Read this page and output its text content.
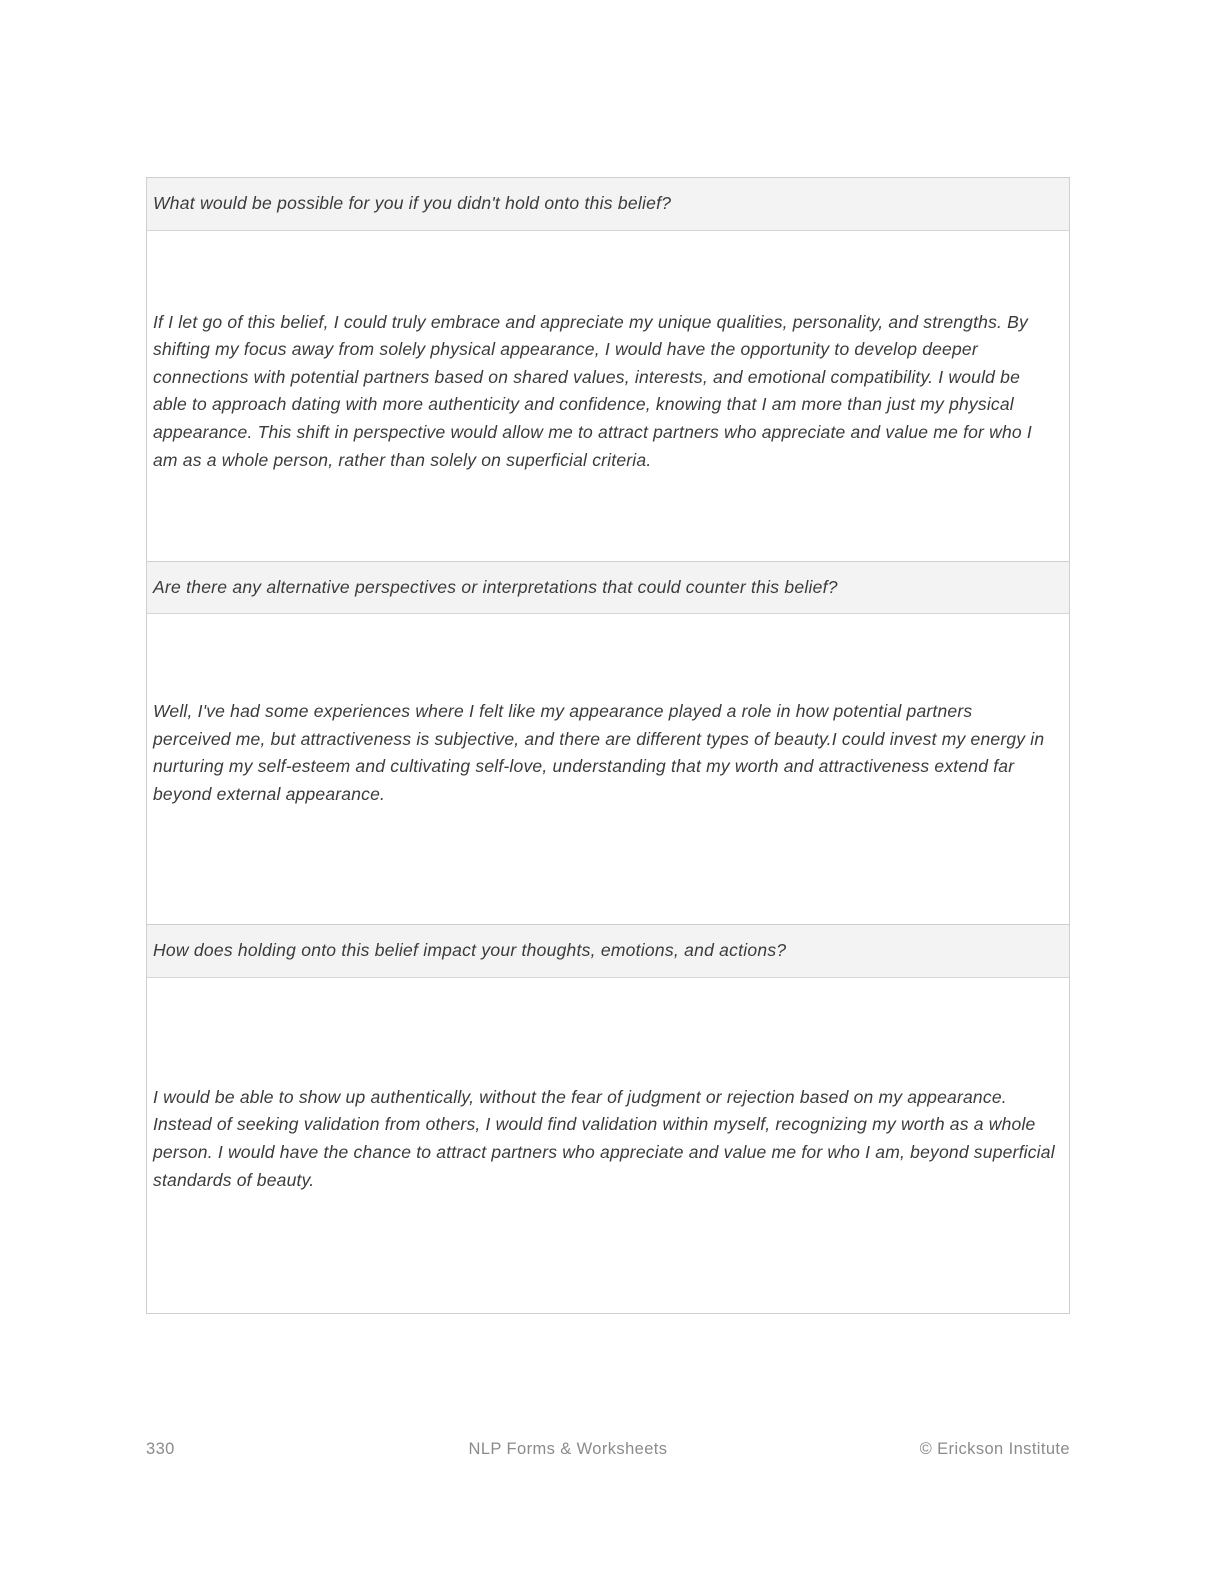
What would be possible for you if you didn't hold onto this belief?
If I let go of this belief, I could truly embrace and appreciate my unique qualities, personality, and strengths. By shifting my focus away from solely physical appearance, I would have the opportunity to develop deeper connections with potential partners based on shared values, interests, and emotional compatibility. I would be able to approach dating with more authenticity and confidence, knowing that I am more than just my physical appearance. This shift in perspective would allow me to attract partners who appreciate and value me for who I am as a whole person, rather than solely on superficial criteria.
Are there any alternative perspectives or interpretations that could counter this belief?
Well, I've had some experiences where I felt like my appearance played a role in how potential partners perceived me, but attractiveness is subjective, and there are different types of beauty.I could invest my energy in nurturing my self-esteem and cultivating self-love, understanding that my worth and attractiveness extend far beyond external appearance.
How does holding onto this belief impact your thoughts, emotions, and actions?
I would be able to show up authentically, without the fear of judgment or rejection based on my appearance. Instead of seeking validation from others, I would find validation within myself, recognizing my worth as a whole person. I would have the chance to attract partners who appreciate and value me for who I am, beyond superficial standards of beauty.
330	NLP Forms & Worksheets	© Erickson Institute
